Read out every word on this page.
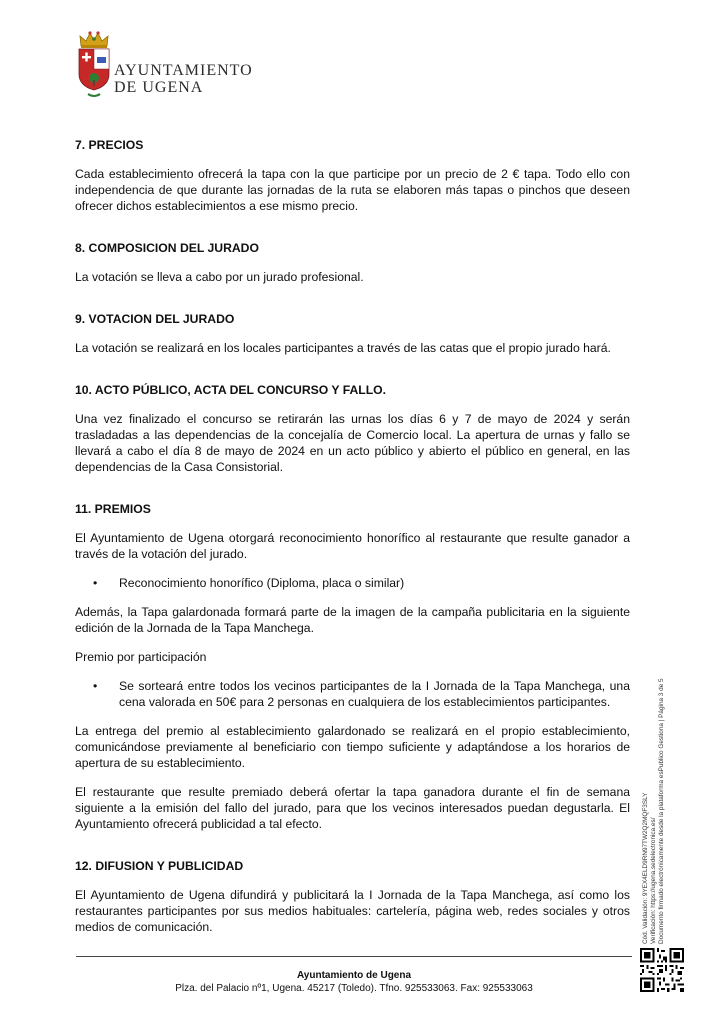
AYUNTAMIENTO
DE UGENA
7. PRECIOS

Cada establecimiento ofrecerá la tapa con la que participe por un precio de 2 € tapa. Todo ello con independencia de que durante las jornadas de la ruta se elaboren más tapas o pinchos que deseen ofrecer dichos establecimientos a ese mismo precio.

8. COMPOSICION DEL JURADO

La votación se lleva a cabo por un jurado profesional.

9. VOTACION DEL JURADO

La votación se realizará en los locales participantes a través de las catas que el propio jurado hará.

10. ACTO PÚBLICO, ACTA DEL CONCURSO Y FALLO.

Una vez finalizado el concurso se retirarán las urnas los días 6 y 7 de mayo de 2024 y serán trasladadas a las dependencias de la concejalía de Comercio local. La apertura de urnas y fallo se llevará a cabo el día 8 de mayo de 2024 en un acto público y abierto el público en general, en las dependencias de la Casa Consistorial.

11. PREMIOS

El Ayuntamiento de Ugena otorgará reconocimiento honorífico al restaurante que resulte ganador a través de la votación del jurado.

• Reconocimiento honorífico (Diploma, placa o similar)

Además, la Tapa galardonada formará parte de la imagen de la campaña publicitaria en la siguiente edición de la Jornada de la Tapa Manchega.

Premio por participación

• Se sorteará entre todos los vecinos participantes de la I Jornada de la Tapa Manchega, una cena valorada en 50€ para 2 personas en cualquiera de los establecimientos participantes.

La entrega del premio al establecimiento galardonado se realizará en el propio establecimiento, comunicándose previamente al beneficiario con tiempo suficiente y adaptándose a los horarios de apertura de su establecimiento.

El restaurante que resulte premiado deberá ofertar la tapa ganadora durante el fin de semana siguiente a la emisión del fallo del jurado, para que los vecinos interesados puedan degustarla. El Ayuntamiento ofrecerá publicidad a tal efecto.

12. DIFUSION Y PUBLICIDAD

El Ayuntamiento de Ugena difundirá y publicitará la I Jornada de la Tapa Manchega, así como los restaurantes participantes por sus medios habituales: cartelería, página web, redes sociales y otros medios de comunicación.

Ayuntamiento de Ugena
Plza. del Palacio nº1, Ugena. 45217 (Toledo). Tfno. 925533063. Fax: 925533063
Cód. Validación: 9YEX4ELD9RN97TW2Q2MQF3SLY Verificación: https://ugena.sedelectronica.es/ Documento firmado electrónicamente desde la plataforma esPublico Gestiona | Página 3 de 5
